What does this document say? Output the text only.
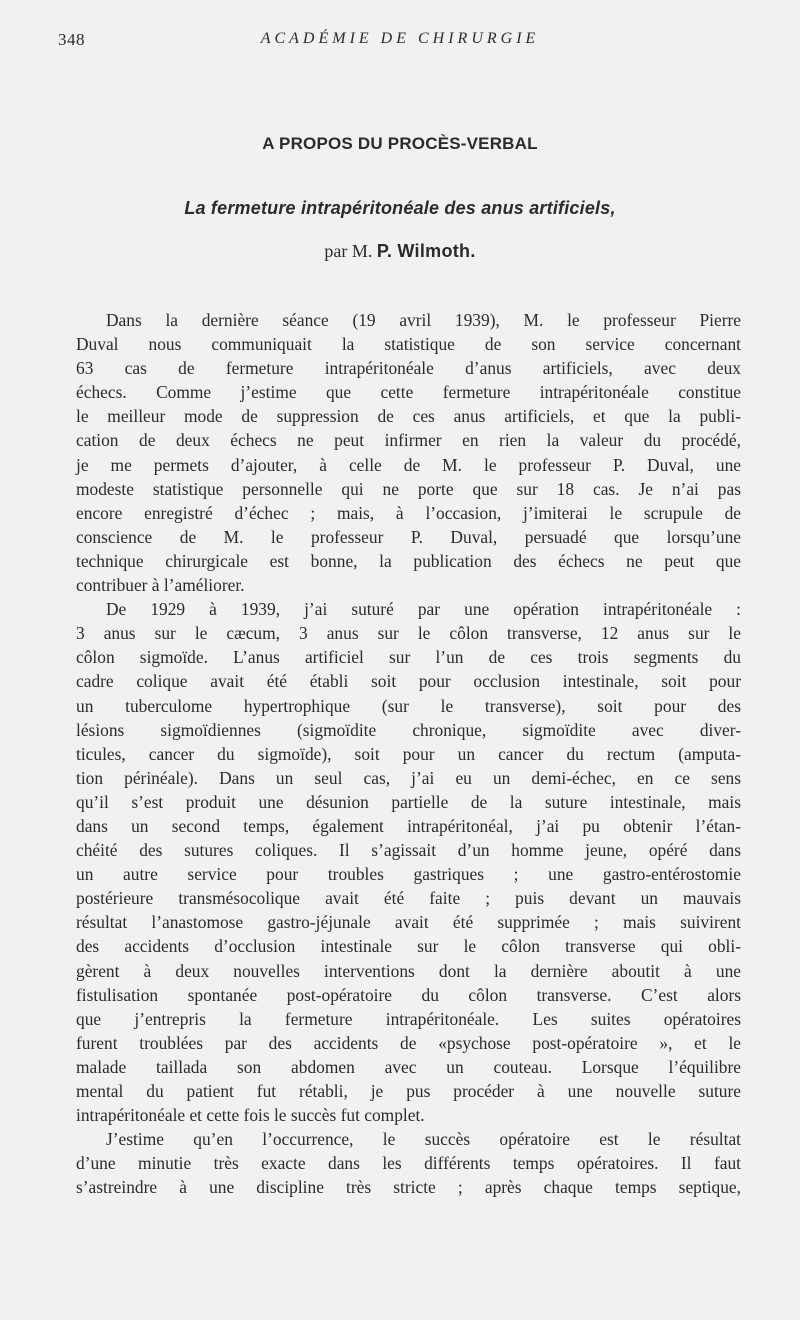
348	ACADÉMIE DE CHIRURGIE
A PROPOS DU PROCÈS-VERBAL
La fermeture intrapéritonéale des anus artificiels,
par M. P. Wilmoth.

Dans la dernière séance (19 avril 1939), M. le professeur Pierre
Duval nous communiquait la statistique de son service concernant
63 cas de fermeture intrapéritonéale d’anus artificiels, avec deux
échecs. Comme j’estime que cette fermeture intrapéritonéale constitue
le meilleur mode de suppression de ces anus artificiels, et que la publi-
cation de deux échecs ne peut infirmer en rien la valeur du procédé,
je me permets d’ajouter, à celle de M. le professeur P. Duval, une
modeste statistique personnelle qui ne porte que sur 18 cas. Je n’ai pas
encore enregistré d’échec ; mais, à l’occasion, j’imiterai le scrupule de
conscience de M. le professeur P. Duval, persuadé que lorsqu’une
technique chirurgicale est bonne, la publication des échecs ne peut que
contribuer à l’améliorer.

De 1929 à 1939, j’ai suturé par une opération intrapéritonéale :
3 anus sur le cæcum, 3 anus sur le côlon transverse, 12 anus sur le
côlon sigmoïde. L’anus artificiel sur l’un de ces trois segments du
cadre colique avait été établi soit pour occlusion intestinale, soit pour
un tuberculome hypertrophique (sur le transverse), soit pour des
lésions sigmoïdiennes (sigmoïdite chronique, sigmoïdite avec diver-
ticules, cancer du sigmoïde), soit pour un cancer du rectum (amputa-
tion périnéale). Dans un seul cas, j’ai eu un demi-échec, en ce sens
qu’il s’est produit une désunion partielle de la suture intestinale, mais
dans un second temps, également intrapéritonéal, j’ai pu obtenir l’étan-
chéité des sutures coliques. Il s’agissait d’un homme jeune, opéré dans
un autre service pour troubles gastriques ; une gastro-entérostomie
postérieure transmésocolique avait été faite ; puis devant un mauvais
résultat l’anastomose gastro-jéjunale avait été supprimée ; mais suivirent
des accidents d’occlusion intestinale sur le côlon transverse qui obli-
gèrent à deux nouvelles interventions dont la dernière aboutit à une
fistulisation spontanée post-opératoire du côlon transverse. C’est alors
que j’entrepris la fermeture intrapéritonéale. Les suites opératoires
furent troublées par des accidents de «psychose post-opératoire », et le
malade taillada son abdomen avec un couteau. Lorsque l’équilibre
mental du patient fut rétabli, je pus procéder à une nouvelle suture
intrapéritonéale et cette fois le succès fut complet.

J’estime qu’en l’occurrence, le succès opératoire est le résultat
d’une minutie très exacte dans les différents temps opératoires. Il faut
s’astreindre à une discipline très stricte ; après chaque temps septique,
